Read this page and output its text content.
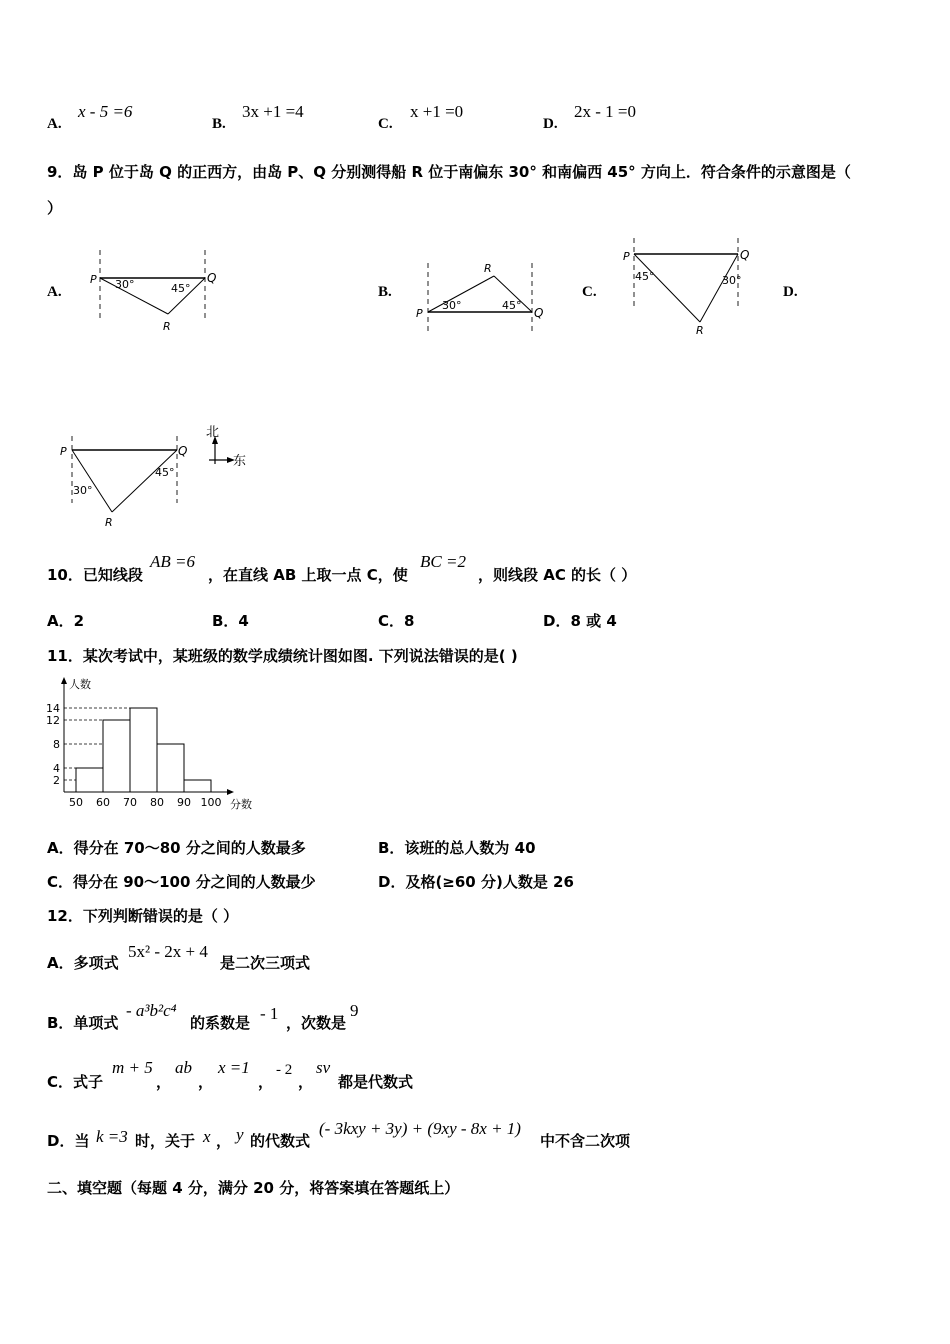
A.
x - 5 =6
B.
3x +1 =4
C.
x +1 =0
D.
2x - 1 =0
9．岛 P 位于岛 Q 的正西方，由岛 P、Q 分别测得船 R 位于南偏东 30° 和南偏西 45° 方向上．符合条件的示意图是（
）
A.	B.	C.	D.
P	Q
R
30°	45°
P	Q
R
30°	45°
P	Q
R
45°	30°
P	Q
R
30°
45°
北
东
10．已知线段
AB =6
，在直线 AB 上取一点 C，使
BC =2
，则线段 AC 的长（ ）
A．2	B．4	C．8	D．8 或 4
11．某次考试中，某班级的数学成绩统计图如图. 下列说法错误的是( )
2
4
8
12
14
50 60 70 80 90 100
人数
分数
A．得分在 70～80 分之间的人数最多	B．该班的总人数为 40
C．得分在 90～100 分之间的人数最少	D．及格(≥60 分)人数是 26
12．下列判断错误的是（ ）
A．多项式
5x² - 2x + 4
是二次三项式
B．单项式
- a³b²c⁴
的系数是 - 1 ，次数是
9
C．式子
m + 5
，
ab
，
x =1
，
- 2
，
sv
都是代数式
D．当 k =3 时，关于 x ， y 的代数式
(- 3kxy + 3y) + (9xy - 8x + 1)
中不含二次项
二、填空题（每题 4 分，满分 20 分，将答案填在答题纸上）
